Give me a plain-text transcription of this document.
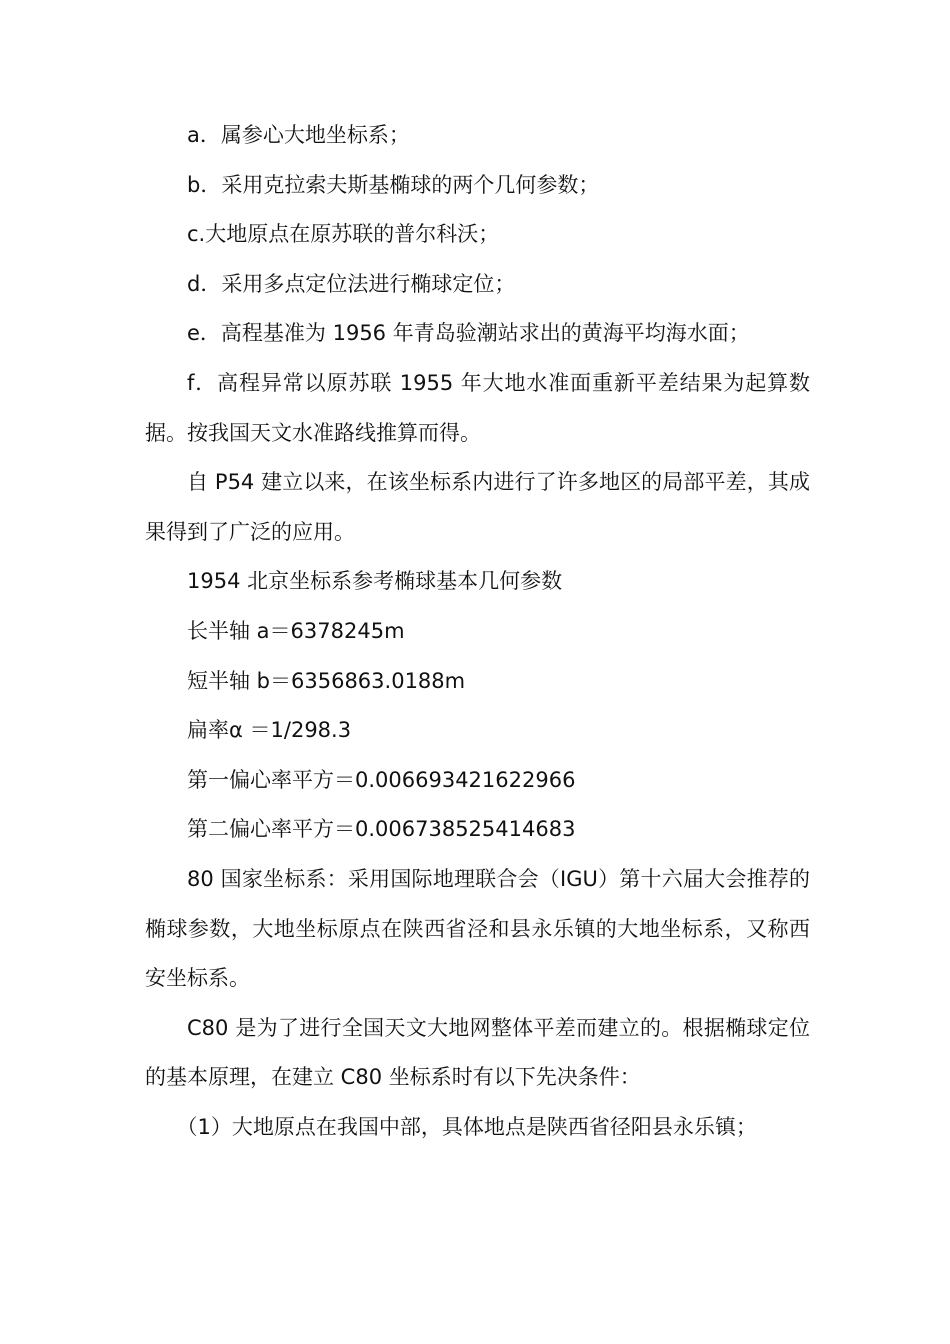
a．属参心大地坐标系；

b．采用克拉索夫斯基椭球的两个几何参数；

c.大地原点在原苏联的普尔科沃；

d．采用多点定位法进行椭球定位；

e．高程基准为 1956 年青岛验潮站求出的黄海平均海水面；

f．高程异常以原苏联 1955 年大地水准面重新平差结果为起算数据。按我国天文水准路线推算而得。

自 P54 建立以来，在该坐标系内进行了许多地区的局部平差，其成果得到了广泛的应用。

1954 北京坐标系参考椭球基本几何参数

长半轴 a＝6378245m

短半轴 b＝6356863.0188m

扁率α ＝1/298.3

第一偏心率平方＝0.006693421622966

第二偏心率平方＝0.006738525414683

80 国家坐标系：采用国际地理联合会（IGU）第十六届大会推荐的椭球参数，大地坐标原点在陕西省泾和县永乐镇的大地坐标系，又称西安坐标系。

C80 是为了进行全国天文大地网整体平差而建立的。根据椭球定位的基本原理，在建立 C80 坐标系时有以下先决条件：

（1）大地原点在我国中部，具体地点是陕西省径阳县永乐镇；
